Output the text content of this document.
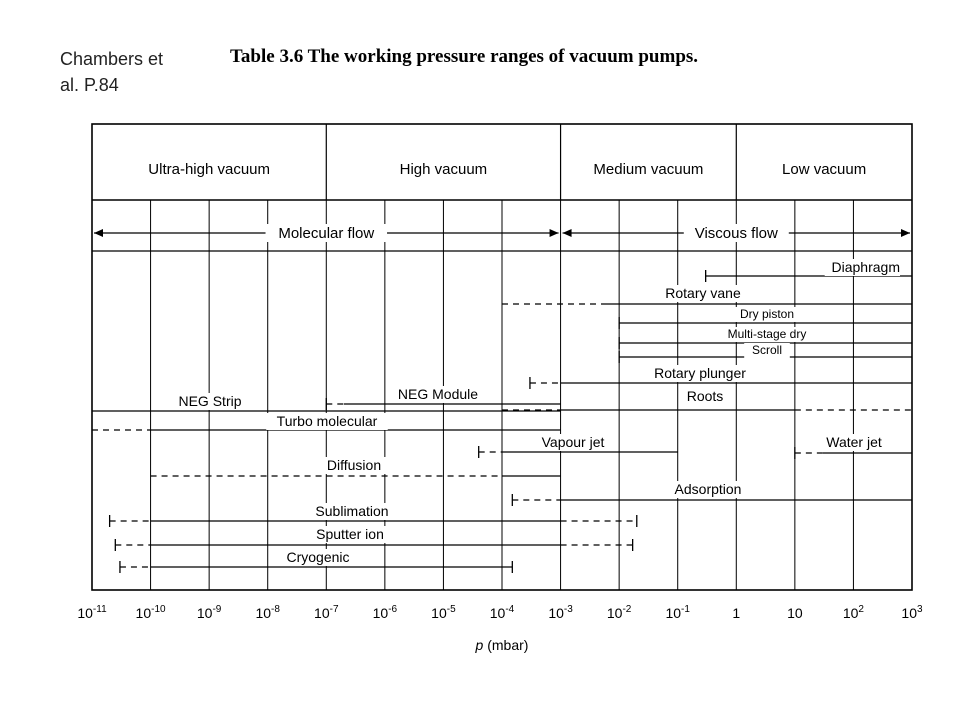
Chambers et
al. P.84
Table 3.6 The working pressure ranges of vacuum pumps.
Ultra-high vacuum	High vacuum	Medium vacuum	Low vacuum
Molecular flow	Viscous flow
Diaphragm
Rotary vane
Dry piston
Multi-stage dry
Scroll
Rotary plunger
Roots
NEG Module
NEG Strip
Turbo molecular
Vapour jet	Water jet
Diffusion
Adsorption
Sublimation
Sputter ion
Cryogenic
$10^{-11}$ $10^{-10}$ $10^{-9}$ $10^{-8}$ $10^{-7}$ $10^{-6}$ $10^{-5}$ $10^{-4}$ $10^{-3}$ $10^{-2}$ $10^{-1}$	1	10	$10^2$	$10^3$
p (mbar)
